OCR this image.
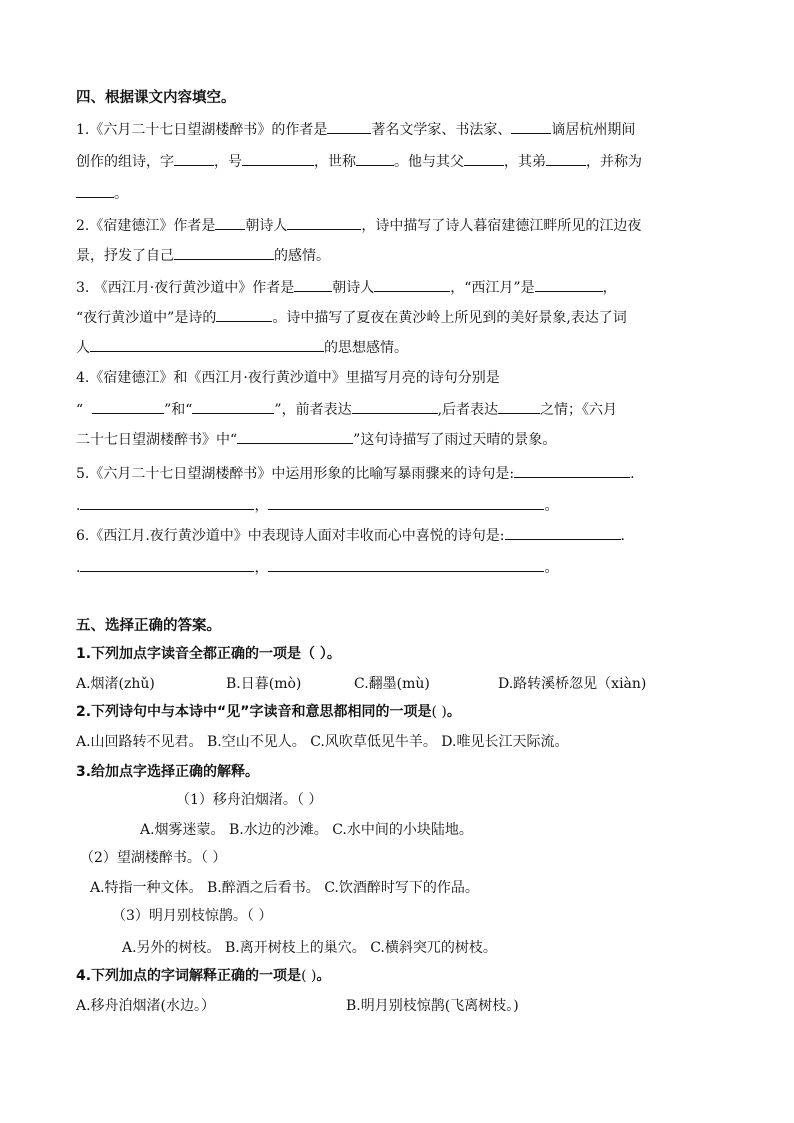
四、根据课文内容填空。
1.《六月二十七日望湖楼醉书》的作者是	著名文学家、书法家、	谪居杭州期间
创作的组诗，字	，号	，世称	。他与其父	，其弟	，并称为
。
2.《宿建德江》作者是 朝诗人	，诗中描写了诗人暮宿建德江畔所见的江边夜
景，抒发了自己	的感情。
3. 《西江月·夜行黄沙道中》作者是	朝诗人	，“西江月”是	，
“夜行黄沙道中”是诗的	。诗中描写了夏夜在黄沙岭上所见到的美好景象,表达了词
人	的思想感情。
4.《宿建德江》和《西江月·夜行黄沙道中》里描写月亮的诗句分别是
“	”和“	”，前者表达	,后者表达	之情；《六月
二十七日望湖楼醉书》中“	”这句诗描写了雨过天晴的景象。
5.《六月二十七日望湖楼醉书》中运用形象的比喻写暴雨骤来的诗句是:	.
.	，	。
6.《西江月.夜行黄沙道中》中表现诗人面对丰收而心中喜悦的诗句是:	.
.	，	。
五、选择正确的答案。
1.下列加点字读音全都正确的一项是（ ）。
A.烟渚(zhǔ)	B.日暮(mò)	C.翻墨(mù)	D.路转溪桥忽见（xiàn)
2.下列诗句中与本诗中“见”字读音和意思都相同的一项是( )。
A.山回路转不见君。 B.空山不见人。 C.风吹草低见牛羊。 D.唯见长江天际流。
3.给加点字选择正确的解释。
（1）移舟泊烟渚。（ ）
A.烟雾迷蒙。 B.水边的沙滩。 C.水中间的小块陆地。
（2）望湖楼醉书。（ ）
A.特指一种文体。 B.醉酒之后看书。 C.饮酒醉时写下的作品。
（3）明月别枝惊鹊。（ ）
A.另外的树枝。 B.离开树枝上的巢穴。 C.横斜突兀的树枝。
4.下列加点的字词解释正确的一项是( )。
A.移舟泊烟渚(水边。）	B.明月别枝惊鹊(飞离树枝。)
